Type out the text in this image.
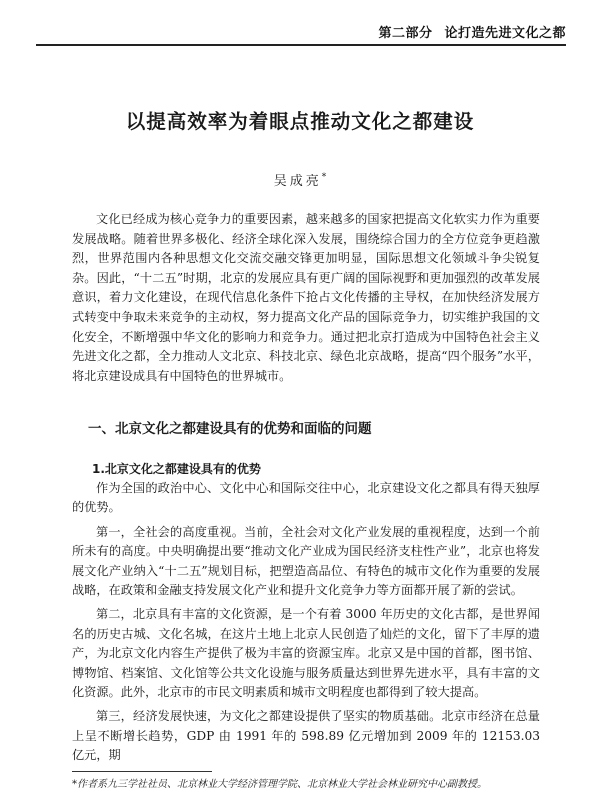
第二部分 论打造先进文化之都
以提高效率为着眼点推动文化之都建设
吴成亮*

文化已经成为核心竞争力的重要因素，越来越多的国家把提高文化软实力作为重要发展战略。随着世界多极化、经济全球化深入发展，围绕综合国力的全方位竞争更趋激烈，世界范围内各种思想文化交流交融交锋更加明显，国际思想文化领域斗争尖锐复杂。因此，“十二五”时期，北京的发展应具有更广阔的国际视野和更加强烈的改革发展意识，着力文化建设，在现代信息化条件下抢占文化传播的主导权，在加快经济发展方式转变中争取未来竞争的主动权，努力提高文化产品的国际竞争力，切实维护我国的文化安全，不断增强中华文化的影响力和竞争力。通过把北京打造成为中国特色社会主义先进文化之都，全力推动人文北京、科技北京、绿色北京战略，提高“四个服务”水平，将北京建设成具有中国特色的世界城市。

一、北京文化之都建设具有的优势和面临的问题
1.北京文化之都建设具有的优势

作为全国的政治中心、文化中心和国际交往中心，北京建设文化之都具有得天独厚的优势。

第一，全社会的高度重视。当前，全社会对文化产业发展的重视程度，达到一个前所未有的高度。中央明确提出要“推动文化产业成为国民经济支柱性产业”，北京也将发展文化产业纳入“十二五”规划目标，把塑造高品位、有特色的城市文化作为重要的发展战略，在政策和金融支持发展文化产业和提升文化竞争力等方面都开展了新的尝试。

第二，北京具有丰富的文化资源，是一个有着 3000 年历史的文化古都，是世界闻名的历史古城、文化名城，在这片土地上北京人民创造了灿烂的文化，留下了丰厚的遗产，为北京文化内容生产提供了极为丰富的资源宝库。北京又是中国的首都，图书馆、博物馆、档案馆、文化馆等公共文化设施与服务质量达到世界先进水平，具有丰富的文化资源。此外，北京市的市民文明素质和城市文明程度也都得到了较大提高。

第三，经济发展快速，为文化之都建设提供了坚实的物质基础。北京市经济在总量上呈不断增长趋势，GDP 由 1991 年的 598.89 亿元增加到 2009 年的 12153.03 亿元，期

*作者系九三学社社员、北京林业大学经济管理学院、北京林业大学社会林业研究中心副教授。
